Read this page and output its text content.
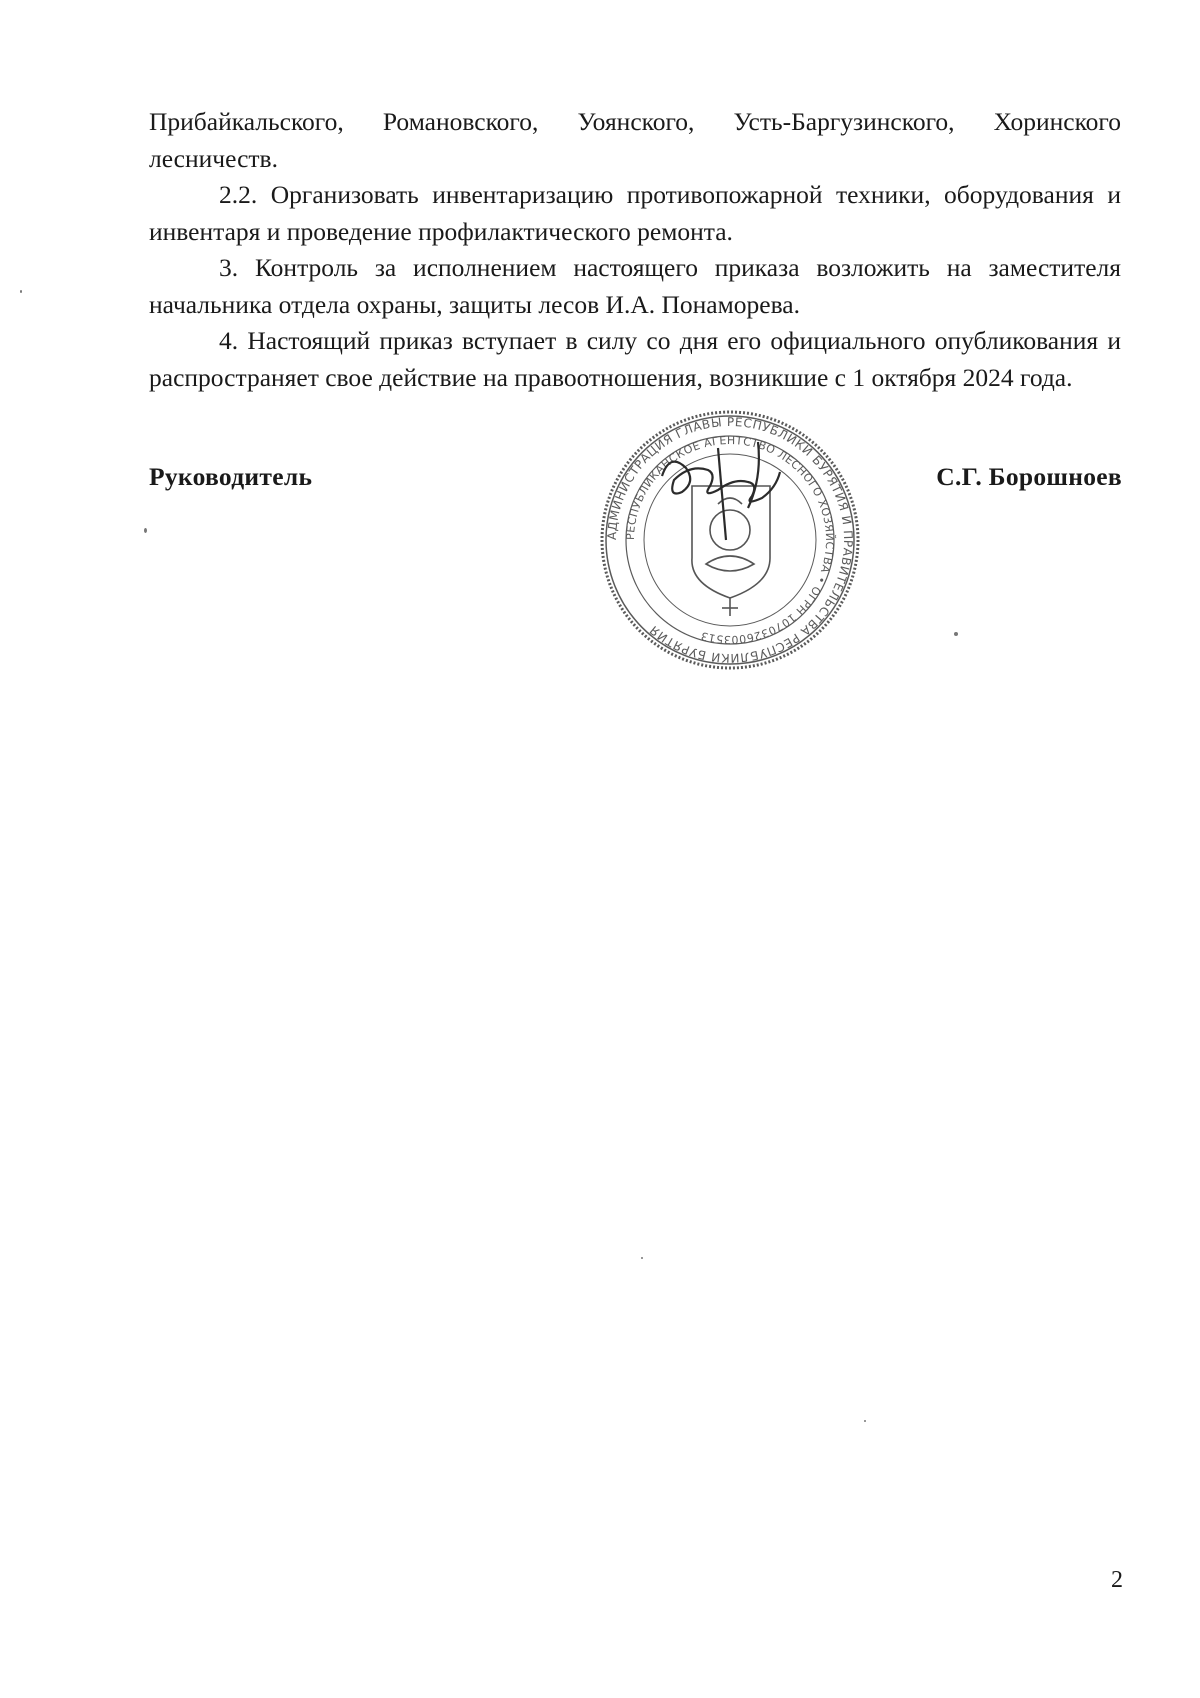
Прибайкальского, Романовского, Уоянского, Усть-Баргузинского, Хоринского лесничеств.

2.2. Организовать инвентаризацию противопожарной техники, оборудования и инвентаря и проведение профилактического ремонта.

3. Контроль за исполнением настоящего приказа возложить на заместителя начальника отдела охраны, защиты лесов И.А. Понаморева.

4. Настоящий приказ вступает в силу со дня его официального опубликования и распространяет свое действие на правоотношения, возникшие с 1 октября 2024 года.

Руководитель
АДМИНИСТРАЦИЯ ГЛАВЫ РЕСПУБЛИКИ БУРЯТИЯ И ПРАВИТЕЛЬСТВА РЕСПУБЛИКИ БУРЯТИЯ
РЕСПУБЛИКАНСКОЕ АГЕНТСТВО ЛЕСНОГО ХОЗЯЙСТВА • ОГРН 1070326003513
С.Г. Борошноев
2
